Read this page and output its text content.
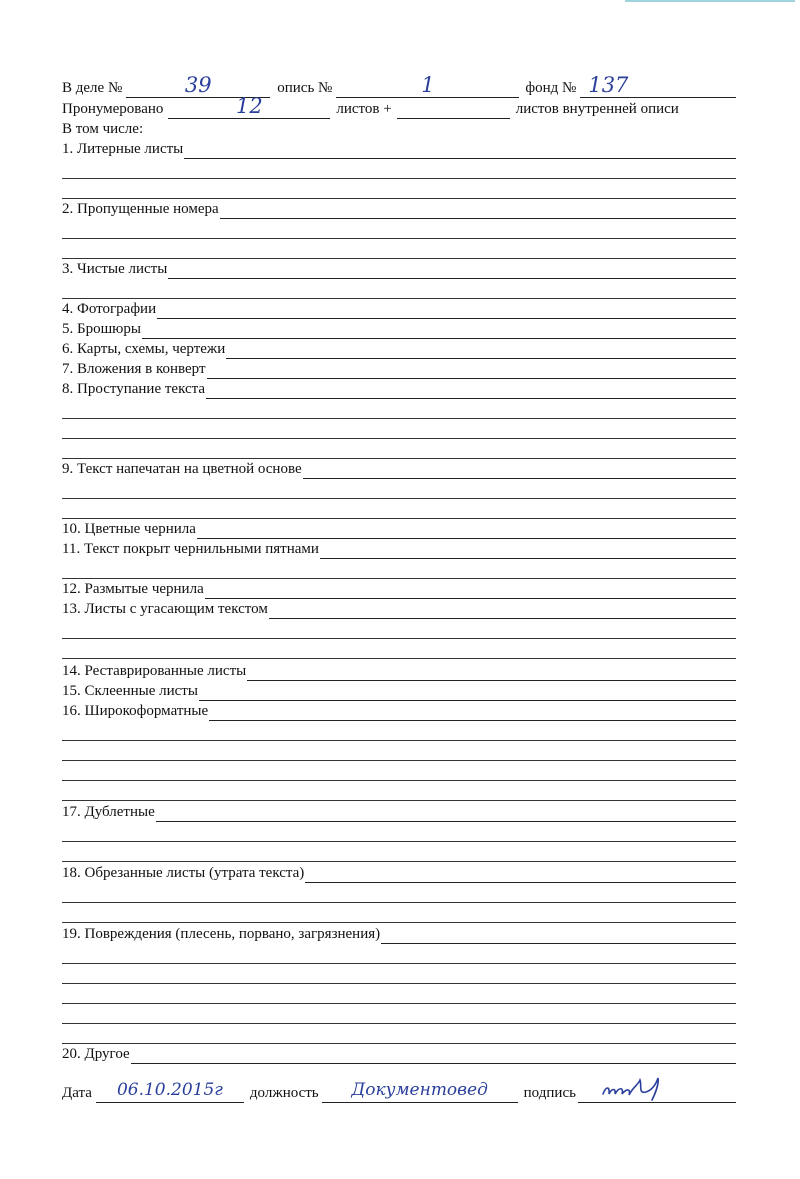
В деле №	39	опись №	1	фонд № 137
Пронумеровано	12	листов +	листов внутренней описи
В том числе:
1. Литерные листы
2. Пропущенные номера
3. Чистые листы
4. Фотографии
5. Брошюры
6. Карты, схемы, чертежи
7. Вложения в конверт
8. Проступание текста
9. Текст напечатан на цветной основе
10. Цветные чернила
11. Текст покрыт чернильными пятнами
12. Размытые чернила
13. Листы с угасающим текстом
14. Реставрированные листы
15. Склеенные листы
16. Широкоформатные
17. Дублетные
18. Обрезанные листы (утрата текста)
19. Повреждения (плесень, порвано, загрязнения)
20. Другое
Дата	06.10.2015г	должность	Документовед	подпись
